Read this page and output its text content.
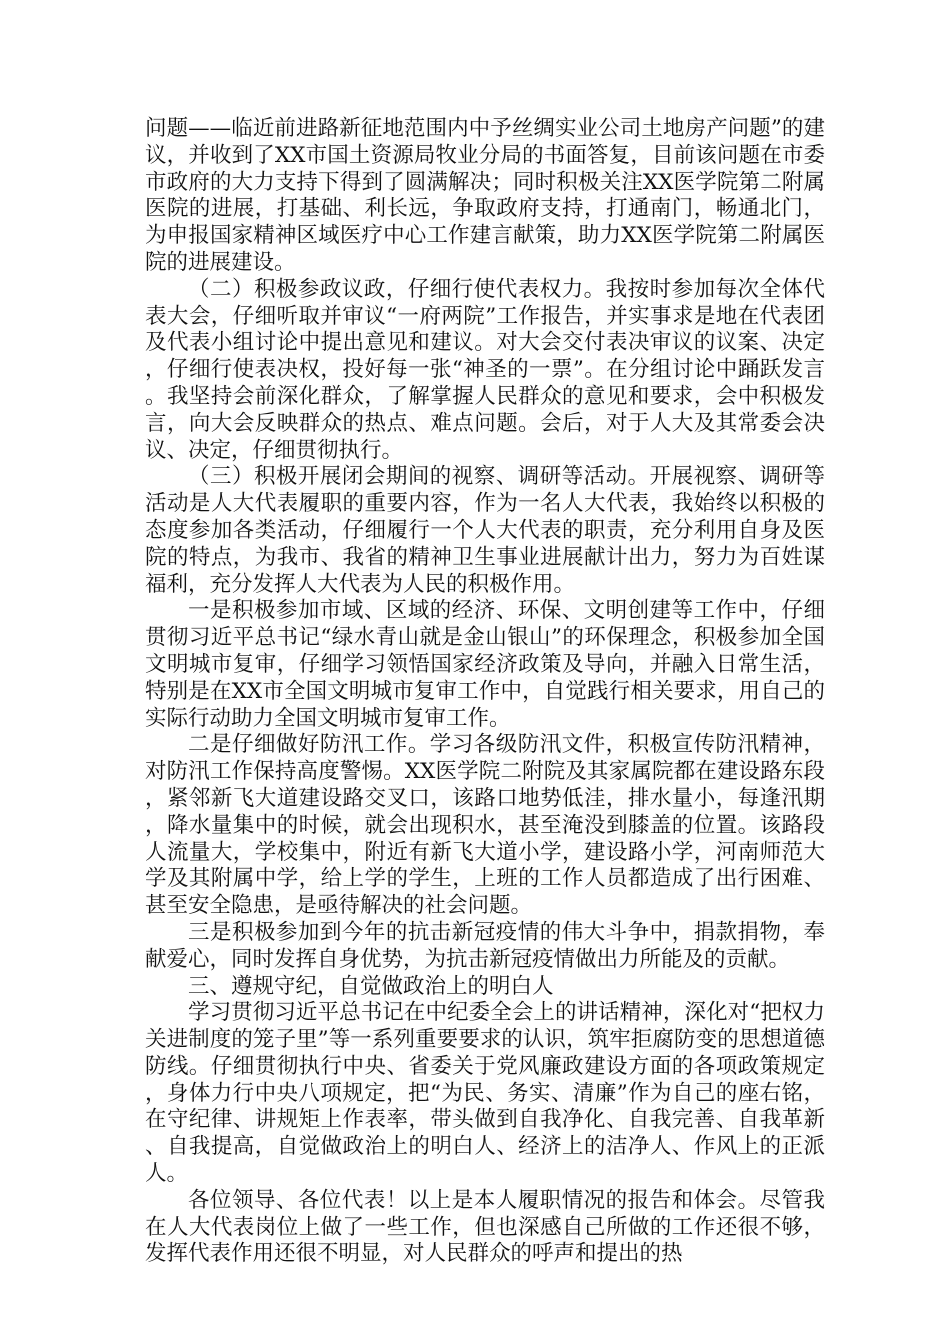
问题——临近前进路新征地范围内中予丝绸实业公司土地房产问题”的建议，并收到了XX市国土资源局牧业分局的书面答复，目前该问题在市委市政府的大力支持下得到了圆满解决；同时积极关注XX医学院第二附属医院的进展，打基础、利长远，争取政府支持，打通南门，畅通北门，为申报国家精神区域医疗中心工作建言献策，助力XX医学院第二附属医院的进展建设。

（二）积极参政议政，仔细行使代表权力。我按时参加每次全体代表大会，仔细听取并审议“一府两院”工作报告，并实事求是地在代表团及代表小组讨论中提出意见和建议。对大会交付表决审议的议案、决定，仔细行使表决权，投好每一张“神圣的一票”。在分组讨论中踊跃发言。我坚持会前深化群众，了解掌握人民群众的意见和要求，会中积极发言，向大会反映群众的热点、难点问题。会后，对于人大及其常委会决议、决定，仔细贯彻执行。

（三）积极开展闭会期间的视察、调研等活动。开展视察、调研等活动是人大代表履职的重要内容，作为一名人大代表，我始终以积极的态度参加各类活动，仔细履行一个人大代表的职责，充分利用自身及医院的特点，为我市、我省的精神卫生事业进展献计出力，努力为百姓谋福利，充分发挥人大代表为人民的积极作用。

一是积极参加市域、区域的经济、环保、文明创建等工作中，仔细贯彻习近平总书记“绿水青山就是金山银山”的环保理念，积极参加全国文明城市复审，仔细学习领悟国家经济政策及导向，并融入日常生活，特别是在XX市全国文明城市复审工作中，自觉践行相关要求，用自己的实际行动助力全国文明城市复审工作。

二是仔细做好防汛工作。学习各级防汛文件，积极宣传防汛精神，对防汛工作保持高度警惕。XX医学院二附院及其家属院都在建设路东段，紧邻新飞大道建设路交叉口，该路口地势低洼，排水量小，每逢汛期，降水量集中的时候，就会出现积水，甚至淹没到膝盖的位置。该路段人流量大，学校集中，附近有新飞大道小学，建设路小学，河南师范大学及其附属中学，给上学的学生，上班的工作人员都造成了出行困难、甚至安全隐患，是亟待解决的社会问题。

三是积极参加到今年的抗击新冠疫情的伟大斗争中，捐款捐物，奉献爱心，同时发挥自身优势，为抗击新冠疫情做出力所能及的贡献。

三、遵规守纪，自觉做政治上的明白人

学习贯彻习近平总书记在中纪委全会上的讲话精神，深化对“把权力关进制度的笼子里”等一系列重要要求的认识，筑牢拒腐防变的思想道德防线。仔细贯彻执行中央、省委关于党风廉政建设方面的各项政策规定，身体力行中央八项规定，把“为民、务实、清廉”作为自己的座右铭，在守纪律、讲规矩上作表率，带头做到自我净化、自我完善、自我革新、自我提高，自觉做政治上的明白人、经济上的洁净人、作风上的正派人。

各位领导、各位代表！以上是本人履职情况的报告和体会。尽管我在人大代表岗位上做了一些工作，但也深感自己所做的工作还很不够，发挥代表作用还很不明显，对人民群众的呼声和提出的热
